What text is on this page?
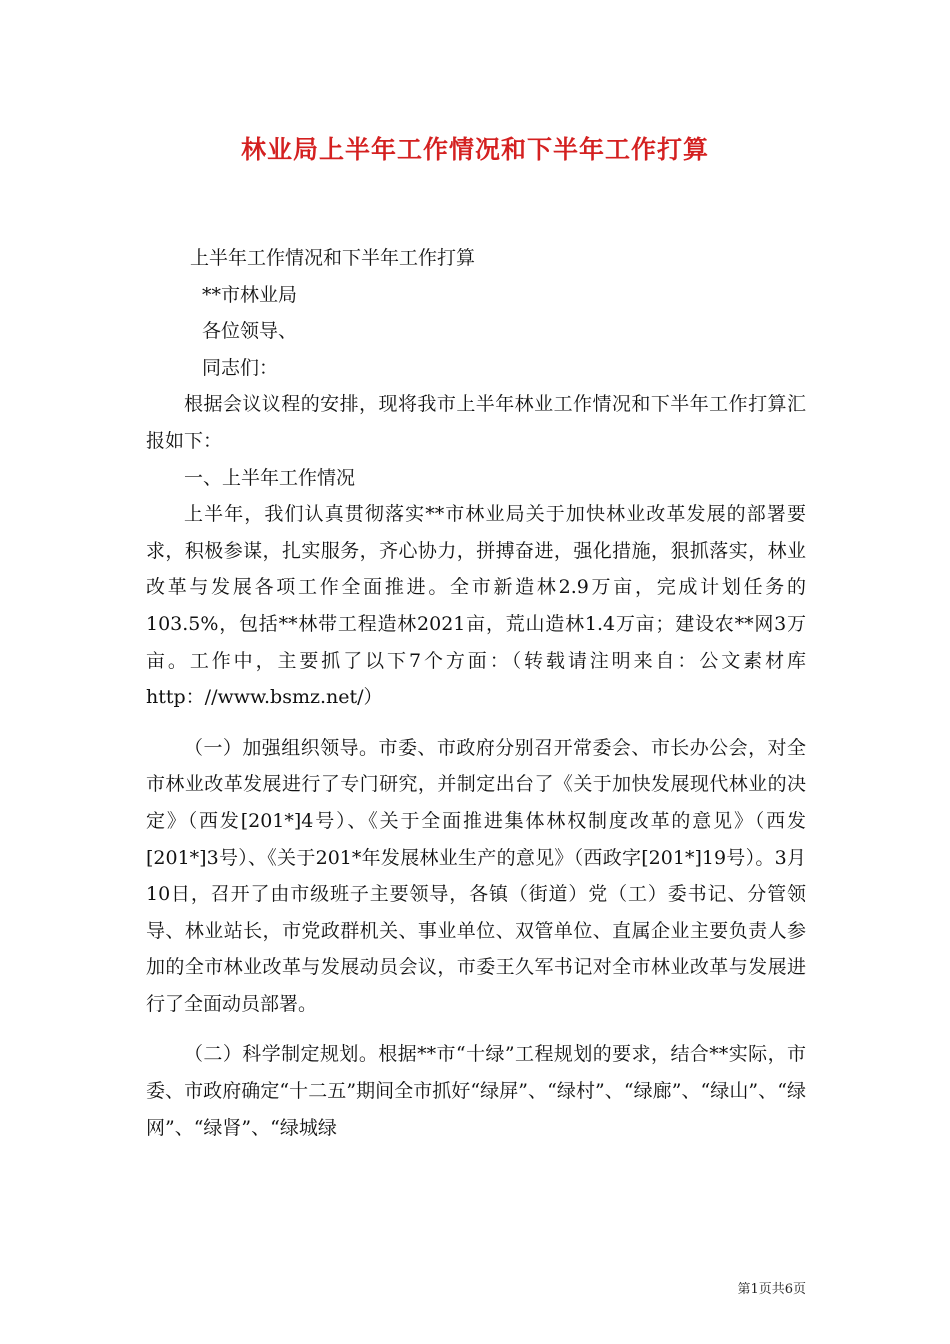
林业局上半年工作情况和下半年工作打算
上半年工作情况和下半年工作打算
**市林业局
各位领导、
同志们：
根据会议议程的安排，现将我市上半年林业工作情况和下半年工作打算汇报如下：
一、上半年工作情况
上半年，我们认真贯彻落实**市林业局关于加快林业改革发展的部署要求，积极参谋，扎实服务，齐心协力，拼搏奋进，强化措施，狠抓落实，林业改革与发展各项工作全面推进。全市新造林2.9万亩，完成计划任务的103.5%，包括**林带工程造林2021亩，荒山造林1.4万亩；建设农**网3万亩。工作中，主要抓了以下7个方面：（转载请注明来自：公文素材库 http：//www.bsmz.net/）
（一）加强组织领导。市委、市政府分别召开常委会、市长办公会，对全市林业改革发展进行了专门研究，并制定出台了《关于加快发展现代林业的决定》（西发[201*]4号）、《关于全面推进集体林权制度改革的意见》（西发[201*]3号）、《关于201*年发展林业生产的意见》（西政字[201*]19号）。3月10日，召开了由市级班子主要领导，各镇（街道）党（工）委书记、分管领导、林业站长，市党政群机关、事业单位、双管单位、直属企业主要负责人参加的全市林业改革与发展动员会议，市委王久军书记对全市林业改革与发展进行了全面动员部署。
（二）科学制定规划。根据**市“十绿”工程规划的要求，结合**实际，市委、市政府确定“十二五”期间全市抓好“绿屏”、“绿村”、“绿廊”、“绿山”、“绿网”、“绿肾”、“绿城绿
第1页共6页
